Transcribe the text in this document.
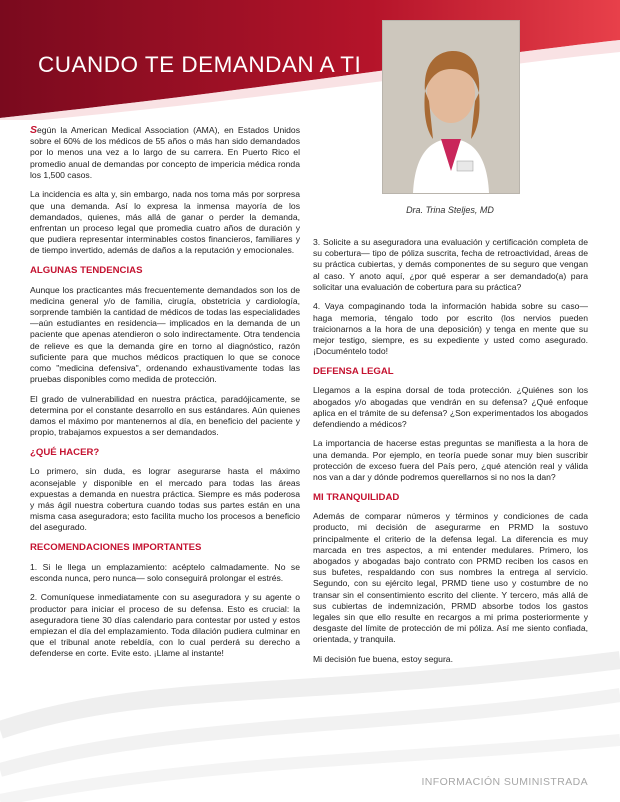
CUANDO TE DEMANDAN A TI
Dra. Trina Steljes, MD

Según la American Medical Association (AMA), en Estados Unidos sobre el 60% de los médicos de 55 años o más han sido demandados por lo menos una vez a lo largo de su carrera. En Puerto Rico el promedio anual de demandas por concepto de impericia médica ronda los 1,500 casos.

La incidencia es alta y, sin embargo, nada nos toma más por sorpresa que una demanda. Así lo expresa la inmensa mayoría de los demandados, quienes, más allá de ganar o perder la demanda, enfrentan un proceso legal que promedia cuatro años de duración y que pudiera representar interminables costos financieros, familiares y de tiempo invertido, además de daños a la reputación y emocionales.

ALGUNAS TENDENCIAS

Aunque los practicantes más frecuentemente demandados son los de medicina general y/o de familia, cirugía, obstetricia y cardiología, sorprende también la cantidad de médicos de todas las especialidades —aún estudiantes en residencia— implicados en la demanda de un paciente que apenas atendieron o solo indirectamente. Otra tendencia de relieve es que la demanda gire en torno al diagnóstico, razón suficiente para que muchos médicos practiquen lo que se conoce como "medicina defensiva", ordenando exhaustivamente todas las pruebas disponibles como medida de protección.

El grado de vulnerabilidad en nuestra práctica, paradójicamente, se determina por el constante desarrollo en sus estándares. Aún quienes damos el máximo por mantenernos al día, en beneficio del paciente y propio, trabajamos expuestos a ser demandados.

¿QUÉ HACER?

Lo primero, sin duda, es lograr asegurarse hasta el máximo aconsejable y disponible en el mercado para todas las áreas expuestas a demanda en nuestra práctica. Siempre es más poderosa y más ágil nuestra cobertura cuando todas sus partes están en una misma casa aseguradora; esto facilita mucho los procesos a beneficio del asegurado.

RECOMENDACIONES IMPORTANTES

1. Si le llega un emplazamiento: acéptelo calmadamente. No se esconda nunca, pero nunca— solo conseguirá prolongar el estrés.

2. Comuníquese inmediatamente con su aseguradora y su agente o productor para iniciar el proceso de su defensa. Esto es crucial: la aseguradora tiene 30 días calendario para contestar por usted y estos empiezan el día del emplazamiento. Toda dilación pudiera culminar en que el tribunal anote rebeldía, con lo cual perderá su derecho a defenderse en corte. Evite esto. ¡Llame al instante!

3. Solicite a su aseguradora una evaluación y certificación completa de su cobertura— tipo de póliza suscrita, fecha de retroactividad, áreas de su práctica cubiertas, y demás componentes de su seguro que vengan al caso. Y anoto aquí, ¿por qué esperar a ser demandado(a) para solicitar una evaluación de cobertura para su práctica?

4. Vaya compaginando toda la información habida sobre su caso— haga memoria, téngalo todo por escrito (los nervios pueden traicionarnos a la hora de una deposición) y tenga en mente que su mejor testigo, siempre, es su expediente y usted como asegurado. ¡Documéntelo todo!

DEFENSA LEGAL

Llegamos a la espina dorsal de toda protección. ¿Quiénes son los abogados y/o abogadas que vendrán en su defensa? ¿Qué enfoque aplica en el trámite de su defensa? ¿Son experimentados los abogados defendiendo a médicos?

La importancia de hacerse estas preguntas se manifiesta a la hora de una demanda. Por ejemplo, en teoría puede sonar muy bien suscribir protección de exceso fuera del País pero, ¿qué atención real y válida nos van a dar y dónde podremos querellarnos si no nos la dan?

MI TRANQUILIDAD

Además de comparar números y términos y condiciones de cada producto, mi decisión de asegurarme en PRMD la sostuvo principalmente el criterio de la defensa legal. La diferencia es muy marcada en tres aspectos, a mi entender medulares. Primero, los abogados y abogadas bajo contrato con PRMD reciben los casos en sus bufetes, respaldando con sus nombres la entrega al servicio. Segundo, con su ejército legal, PRMD tiene uso y costumbre de no transar sin el consentimiento escrito del cliente. Y tercero, más allá de sus cubiertas de indemnización, PRMD absorbe todos los gastos legales sin que ello resulte en recargos a mi prima posteriormente y desgaste del límite de protección de mi póliza. Así me siento confiada, orientada, y tranquila.

Mi decisión fue buena, estoy segura.

INFORMACIÓN SUMINISTRADA
